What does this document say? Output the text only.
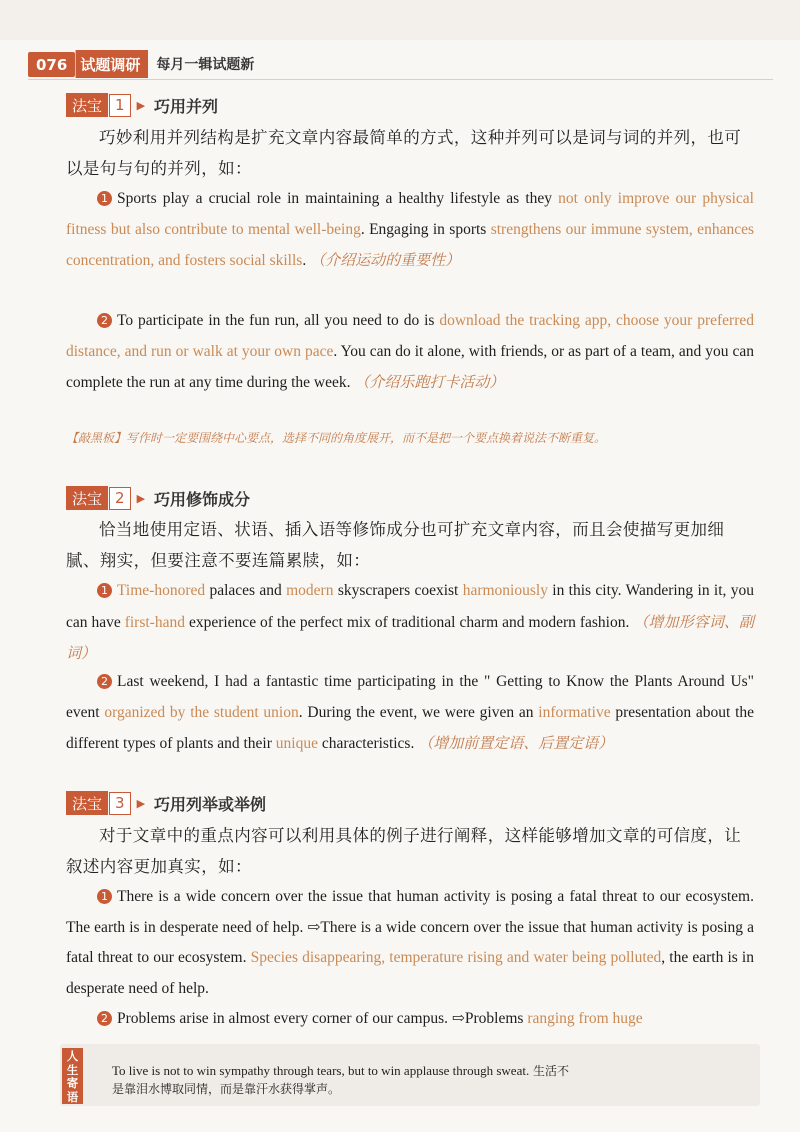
076 试题调研	每月一辑试题新
法宝 1	▶ 巧用并列

巧妙利用并列结构是扩充文章内容最简单的方式，这种并列可以是词与词的并列，也可以是句与句的并列，如：

1 Sports play a crucial role in maintaining a healthy lifestyle as they not only improve our physical fitness but also contribute to mental well-being. Engaging in sports strengthens our immune system, enhances concentration, and fosters social skills. （介绍运动的重要性）

2 To participate in the fun run, all you need to do is download the tracking app, choose your preferred distance, and run or walk at your own pace. You can do it alone, with friends, or as part of a team, and you can complete the run at any time during the week. （介绍乐跑打卡活动）

【敲黑板】写作时一定要围绕中心要点，选择不同的角度展开，而不是把一个要点换着说法不断重复。

法宝 2	▶ 巧用修饰成分

恰当地使用定语、状语、插入语等修饰成分也可扩充文章内容，而且会使描写更加细腻、翔实，但要注意不要连篇累牍，如：

1 Time-honored palaces and modern skyscrapers coexist harmoniously in this city. Wandering in it, you can have first-hand experience of the perfect mix of traditional charm and modern fashion. （增加形容词、副词）

2 Last weekend, I had a fantastic time participating in the " Getting to Know the Plants Around Us" event organized by the student union. During the event, we were given an informative presentation about the different types of plants and their unique characteristics. （增加前置定语、后置定语）

法宝 3	▶ 巧用列举或举例

对于文章中的重点内容可以利用具体的例子进行阐释，这样能够增加文章的可信度，让叙述内容更加真实，如：

1 There is a wide concern over the issue that human activity is posing a fatal threat to our ecosystem. The earth is in desperate need of help. ⇨There is a wide concern over the issue that human activity is posing a fatal threat to our ecosystem. Species disappearing, temperature rising and water being polluted, the earth is in desperate need of help.

2 Problems arise in almost every corner of our campus. ⇨Problems ranging from huge

人生寄语
To live is not to win sympathy through tears, but to win applause through sweat. 生活不
是靠泪水博取同情，而是靠汗水获得掌声。
